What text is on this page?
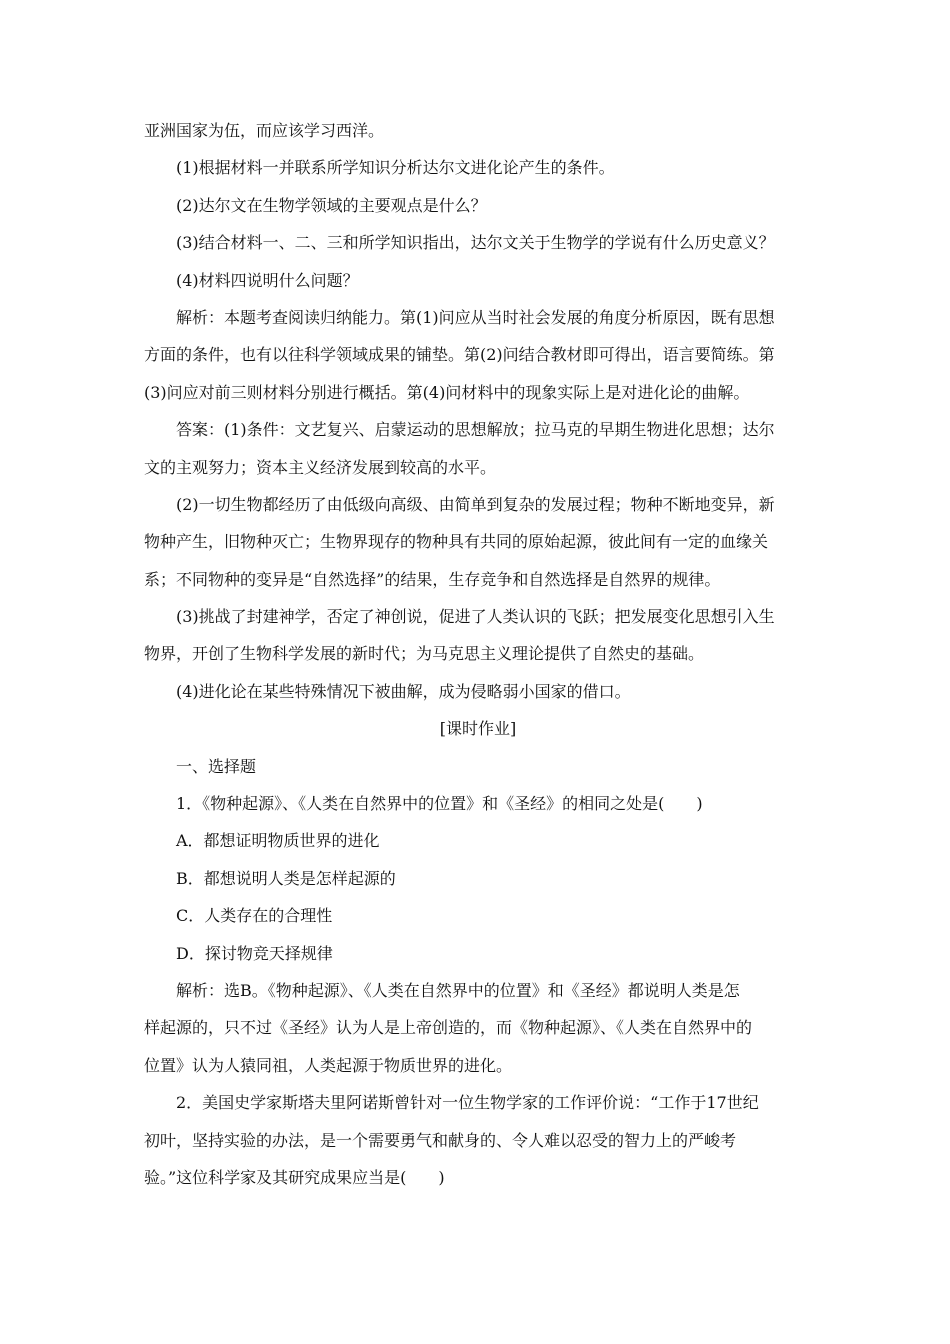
亚洲国家为伍，而应该学习西洋。
(1)根据材料一并联系所学知识分析达尔文进化论产生的条件。
(2)达尔文在生物学领域的主要观点是什么？
(3)结合材料一、二、三和所学知识指出，达尔文关于生物学的学说有什么历史意义？
(4)材料四说明什么问题？
解析：本题考查阅读归纳能力。第(1)问应从当时社会发展的角度分析原因，既有思想
方面的条件，也有以往科学领域成果的铺垫。第(2)问结合教材即可得出，语言要简练。第
(3)问应对前三则材料分别进行概括。第(4)问材料中的现象实际上是对进化论的曲解。
答案：(1)条件：文艺复兴、启蒙运动的思想解放；拉马克的早期生物进化思想；达尔
文的主观努力；资本主义经济发展到较高的水平。
(2)一切生物都经历了由低级向高级、由简单到复杂的发展过程；物种不断地变异，新
物种产生，旧物种灭亡；生物界现存的物种具有共同的原始起源，彼此间有一定的血缘关
系；不同物种的变异是“自然选择”的结果，生存竞争和自然选择是自然界的规律。
(3)挑战了封建神学，否定了神创说，促进了人类认识的飞跃；把发展变化思想引入生
物界，开创了生物科学发展的新时代；为马克思主义理论提供了自然史的基础。
(4)进化论在某些特殊情况下被曲解，成为侵略弱小国家的借口。
[课时作业]
一、选择题
1．《物种起源》、《人类在自然界中的位置》和《圣经》的相同之处是(　　)
A．都想证明物质世界的进化
B．都想说明人类是怎样起源的
C．人类存在的合理性
D．探讨物竞天择规律
解析：选B。《物种起源》、《人类在自然界中的位置》和《圣经》都说明人类是怎
样起源的，只不过《圣经》认为人是上帝创造的，而《物种起源》、《人类在自然界中的
位置》认为人猿同祖，人类起源于物质世界的进化。
2．美国史学家斯塔夫里阿诺斯曾针对一位生物学家的工作评价说：“工作于17世纪
初叶，坚持实验的办法，是一个需要勇气和献身的、令人难以忍受的智力上的严峻考
验。”这位科学家及其研究成果应当是(　　)
